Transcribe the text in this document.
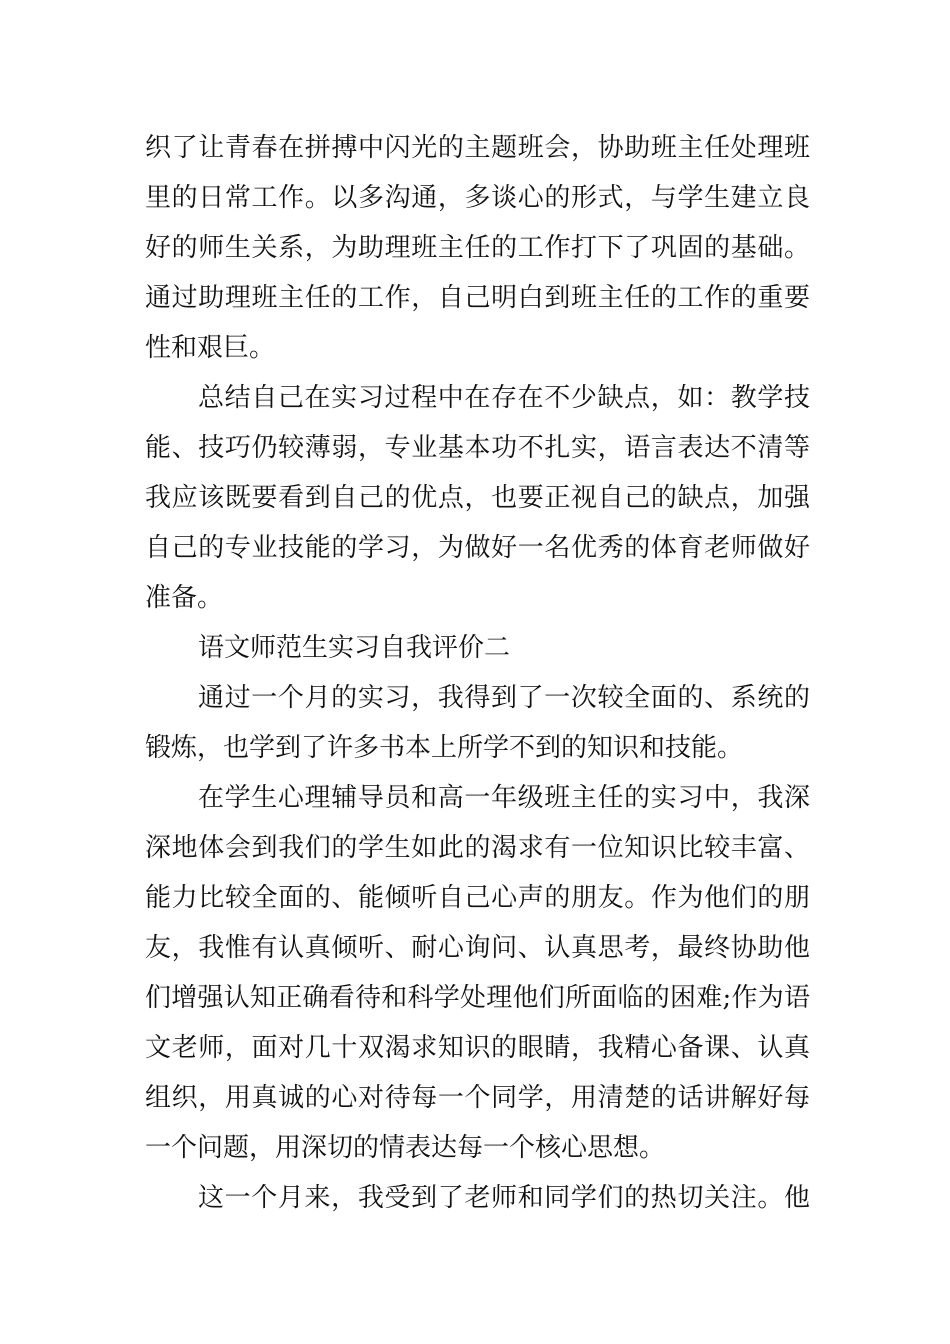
织了让青春在拼搏中闪光的主题班会，协助班主任处理班
里的日常工作。以多沟通，多谈心的形式，与学生建立良
好的师生关系，为助理班主任的工作打下了巩固的基础。
通过助理班主任的工作，自己明白到班主任的工作的重要
性和艰巨。
总结自己在实习过程中在存在不少缺点，如：教学技
能、技巧仍较薄弱，专业基本功不扎实，语言表达不清等
我应该既要看到自己的优点，也要正视自己的缺点，加强
自己的专业技能的学习，为做好一名优秀的体育老师做好
准备。
语文师范生实习自我评价二
通过一个月的实习，我得到了一次较全面的、系统的
锻炼，也学到了许多书本上所学不到的知识和技能。
在学生心理辅导员和高一年级班主任的实习中，我深
深地体会到我们的学生如此的渴求有一位知识比较丰富、
能力比较全面的、能倾听自己心声的朋友。作为他们的朋
友，我惟有认真倾听、耐心询问、认真思考，最终协助他
们增强认知正确看待和科学处理他们所面临的困难;作为语
文老师，面对几十双渴求知识的眼睛，我精心备课、认真
组织，用真诚的心对待每一个同学，用清楚的话讲解好每
一个问题，用深切的情表达每一个核心思想。
这一个月来，我受到了老师和同学们的热切关注。他
